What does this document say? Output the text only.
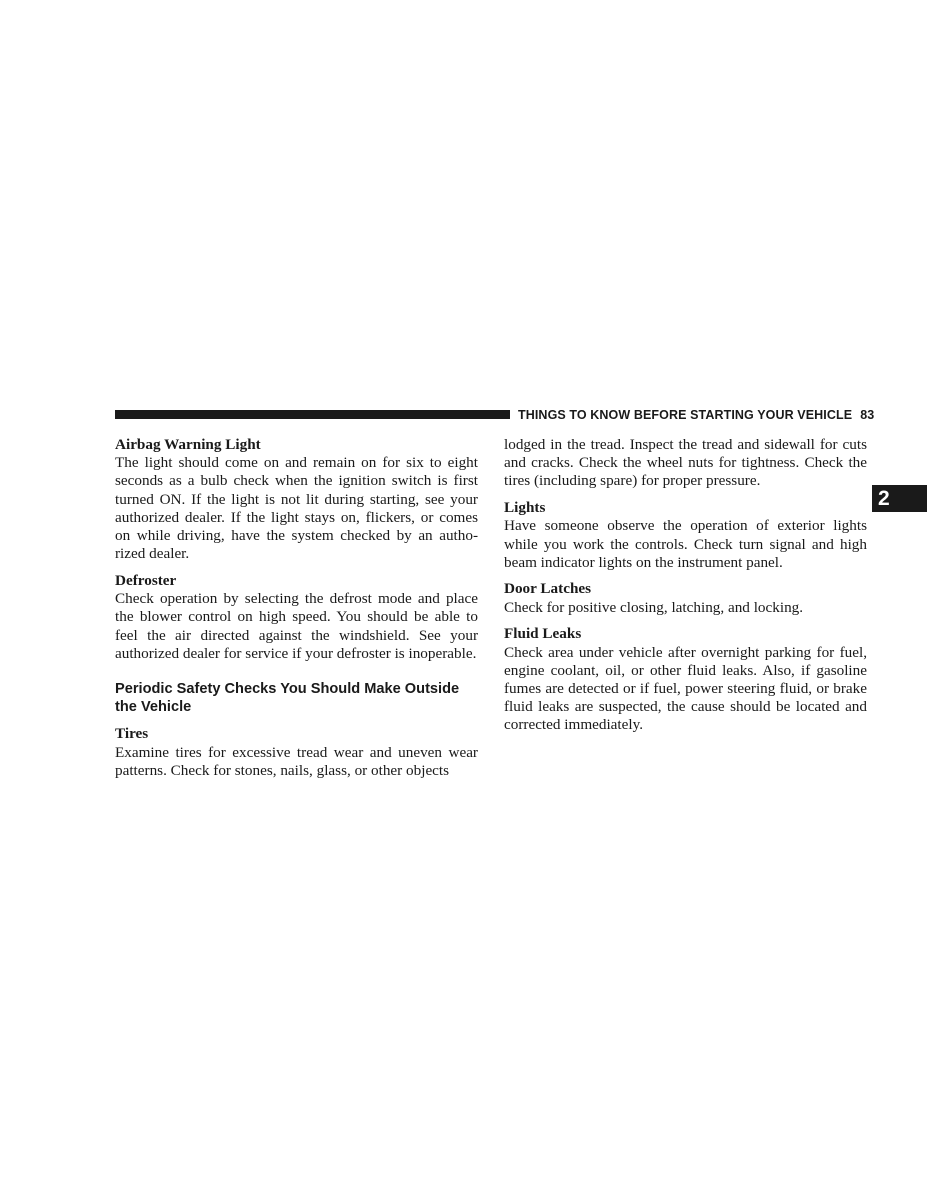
THINGS TO KNOW BEFORE STARTING YOUR VEHICLE 83
2
Airbag Warning Light

The light should come on and remain on for six to eight seconds as a bulb check when the ignition switch is first turned ON. If the light is not lit during starting, see your authorized dealer. If the light stays on, flickers, or comes on while driving, have the system checked by an autho-rized dealer.

Defroster

Check operation by selecting the defrost mode and place the blower control on high speed. You should be able to feel the air directed against the windshield. See your authorized dealer for service if your defroster is inoperable.

Periodic Safety Checks You Should Make Outside the Vehicle
Tires

Examine tires for excessive tread wear and uneven wear patterns. Check for stones, nails, glass, or other objects

lodged in the tread. Inspect the tread and sidewall for cuts and cracks. Check the wheel nuts for tightness. Check the tires (including spare) for proper pressure.

Lights

Have someone observe the operation of exterior lights while you work the controls. Check turn signal and high beam indicator lights on the instrument panel.

Door Latches

Check for positive closing, latching, and locking.

Fluid Leaks

Check area under vehicle after overnight parking for fuel, engine coolant, oil, or other fluid leaks. Also, if gasoline fumes are detected or if fuel, power steering fluid, or brake fluid leaks are suspected, the cause should be located and corrected immediately.
